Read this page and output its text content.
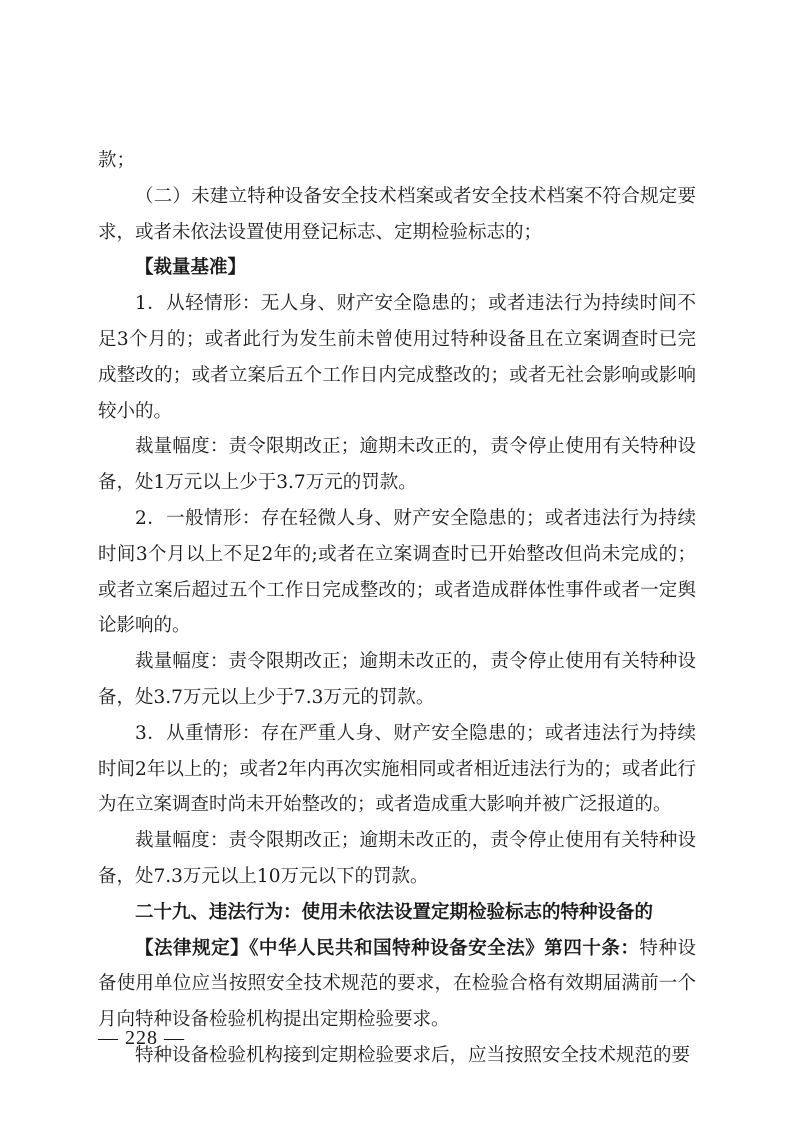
款；

（二）未建立特种设备安全技术档案或者安全技术档案不符合规定要求，或者未依法设置使用登记标志、定期检验标志的；

【裁量基准】

1．从轻情形：无人身、财产安全隐患的；或者违法行为持续时间不足3个月的；或者此行为发生前未曾使用过特种设备且在立案调查时已完成整改的；或者立案后五个工作日内完成整改的；或者无社会影响或影响较小的。

裁量幅度：责令限期改正；逾期未改正的，责令停止使用有关特种设备，处1万元以上少于3.7万元的罚款。

2．一般情形：存在轻微人身、财产安全隐患的；或者违法行为持续时间3个月以上不足2年的;或者在立案调查时已开始整改但尚未完成的；或者立案后超过五个工作日完成整改的；或者造成群体性事件或者一定舆论影响的。

裁量幅度：责令限期改正；逾期未改正的，责令停止使用有关特种设备，处3.7万元以上少于7.3万元的罚款。

3．从重情形：存在严重人身、财产安全隐患的；或者违法行为持续时间2年以上的；或者2年内再次实施相同或者相近违法行为的；或者此行为在立案调查时尚未开始整改的；或者造成重大影响并被广泛报道的。

裁量幅度：责令限期改正；逾期未改正的，责令停止使用有关特种设备，处7.3万元以上10万元以下的罚款。

二十九、违法行为：使用未依法设置定期检验标志的特种设备的

【法律规定】《中华人民共和国特种设备安全法》第四十条：特种设备使用单位应当按照安全技术规范的要求，在检验合格有效期届满前一个月向特种设备检验机构提出定期检验要求。

特种设备检验机构接到定期检验要求后，应当按照安全技术规范的要

— 228 —
